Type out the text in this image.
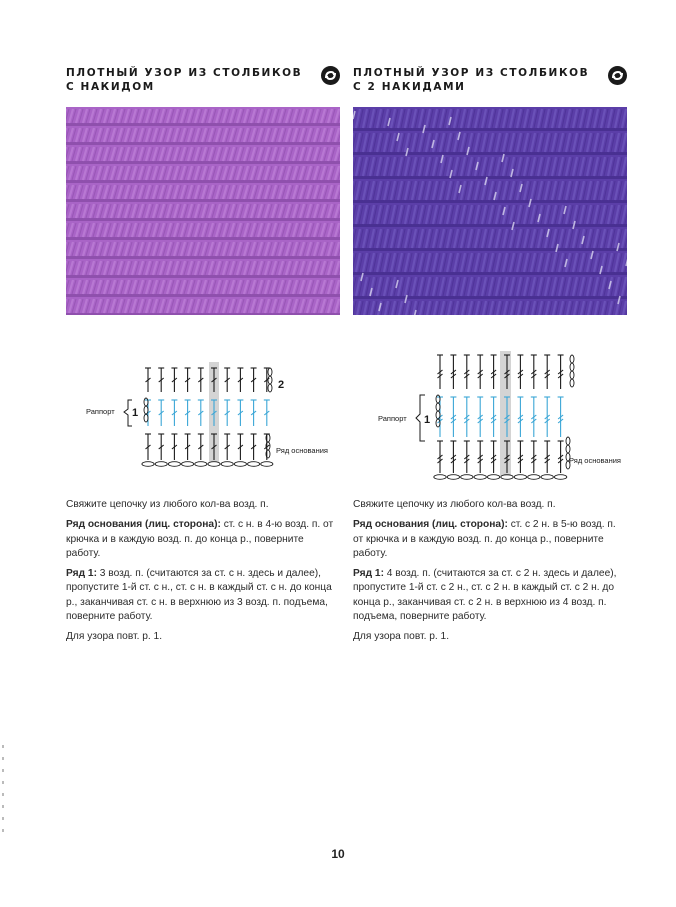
ПЛОТНЫЙ УЗОР ИЗ СТОЛБИКОВ С НАКИДОМ
2
1
Раппорт
Ряд основания

Свяжите цепочку из любого кол-ва возд. п.

Ряд основания (лиц. сторона): ст. с н. в 4-ю возд. п. от крючка и в каждую возд. п. до конца р., поверните работу.

Ряд 1: 3 возд. п. (считаются за ст. с н. здесь и далее), пропустите 1-й ст. с н., ст. с н. в каждый ст. с н. до конца р., заканчивая ст. с н. в верхнюю из 3 возд. п. подъема, поверните работу.

Для узора повт. р. 1.

ПЛОТНЫЙ УЗОР ИЗ СТОЛБИКОВ С 2 НАКИДАМИ
1
Раппорт
Ряд основания

Свяжите цепочку из любого кол-ва возд. п.

Ряд основания (лиц. сторона): ст. с 2 н. в 5-ю возд. п. от крючка и в каждую возд. п. до конца р., поверните работу.

Ряд 1: 4 возд. п. (считаются за ст. с 2 н. здесь и далее), пропустите 1-й ст. с 2 н., ст. с 2 н. в каждый ст. с 2 н. до конца р., заканчивая ст. с 2 н. в верхнюю из 4 возд. п. подъема, поверните работу.

Для узора повт. р. 1.

10
